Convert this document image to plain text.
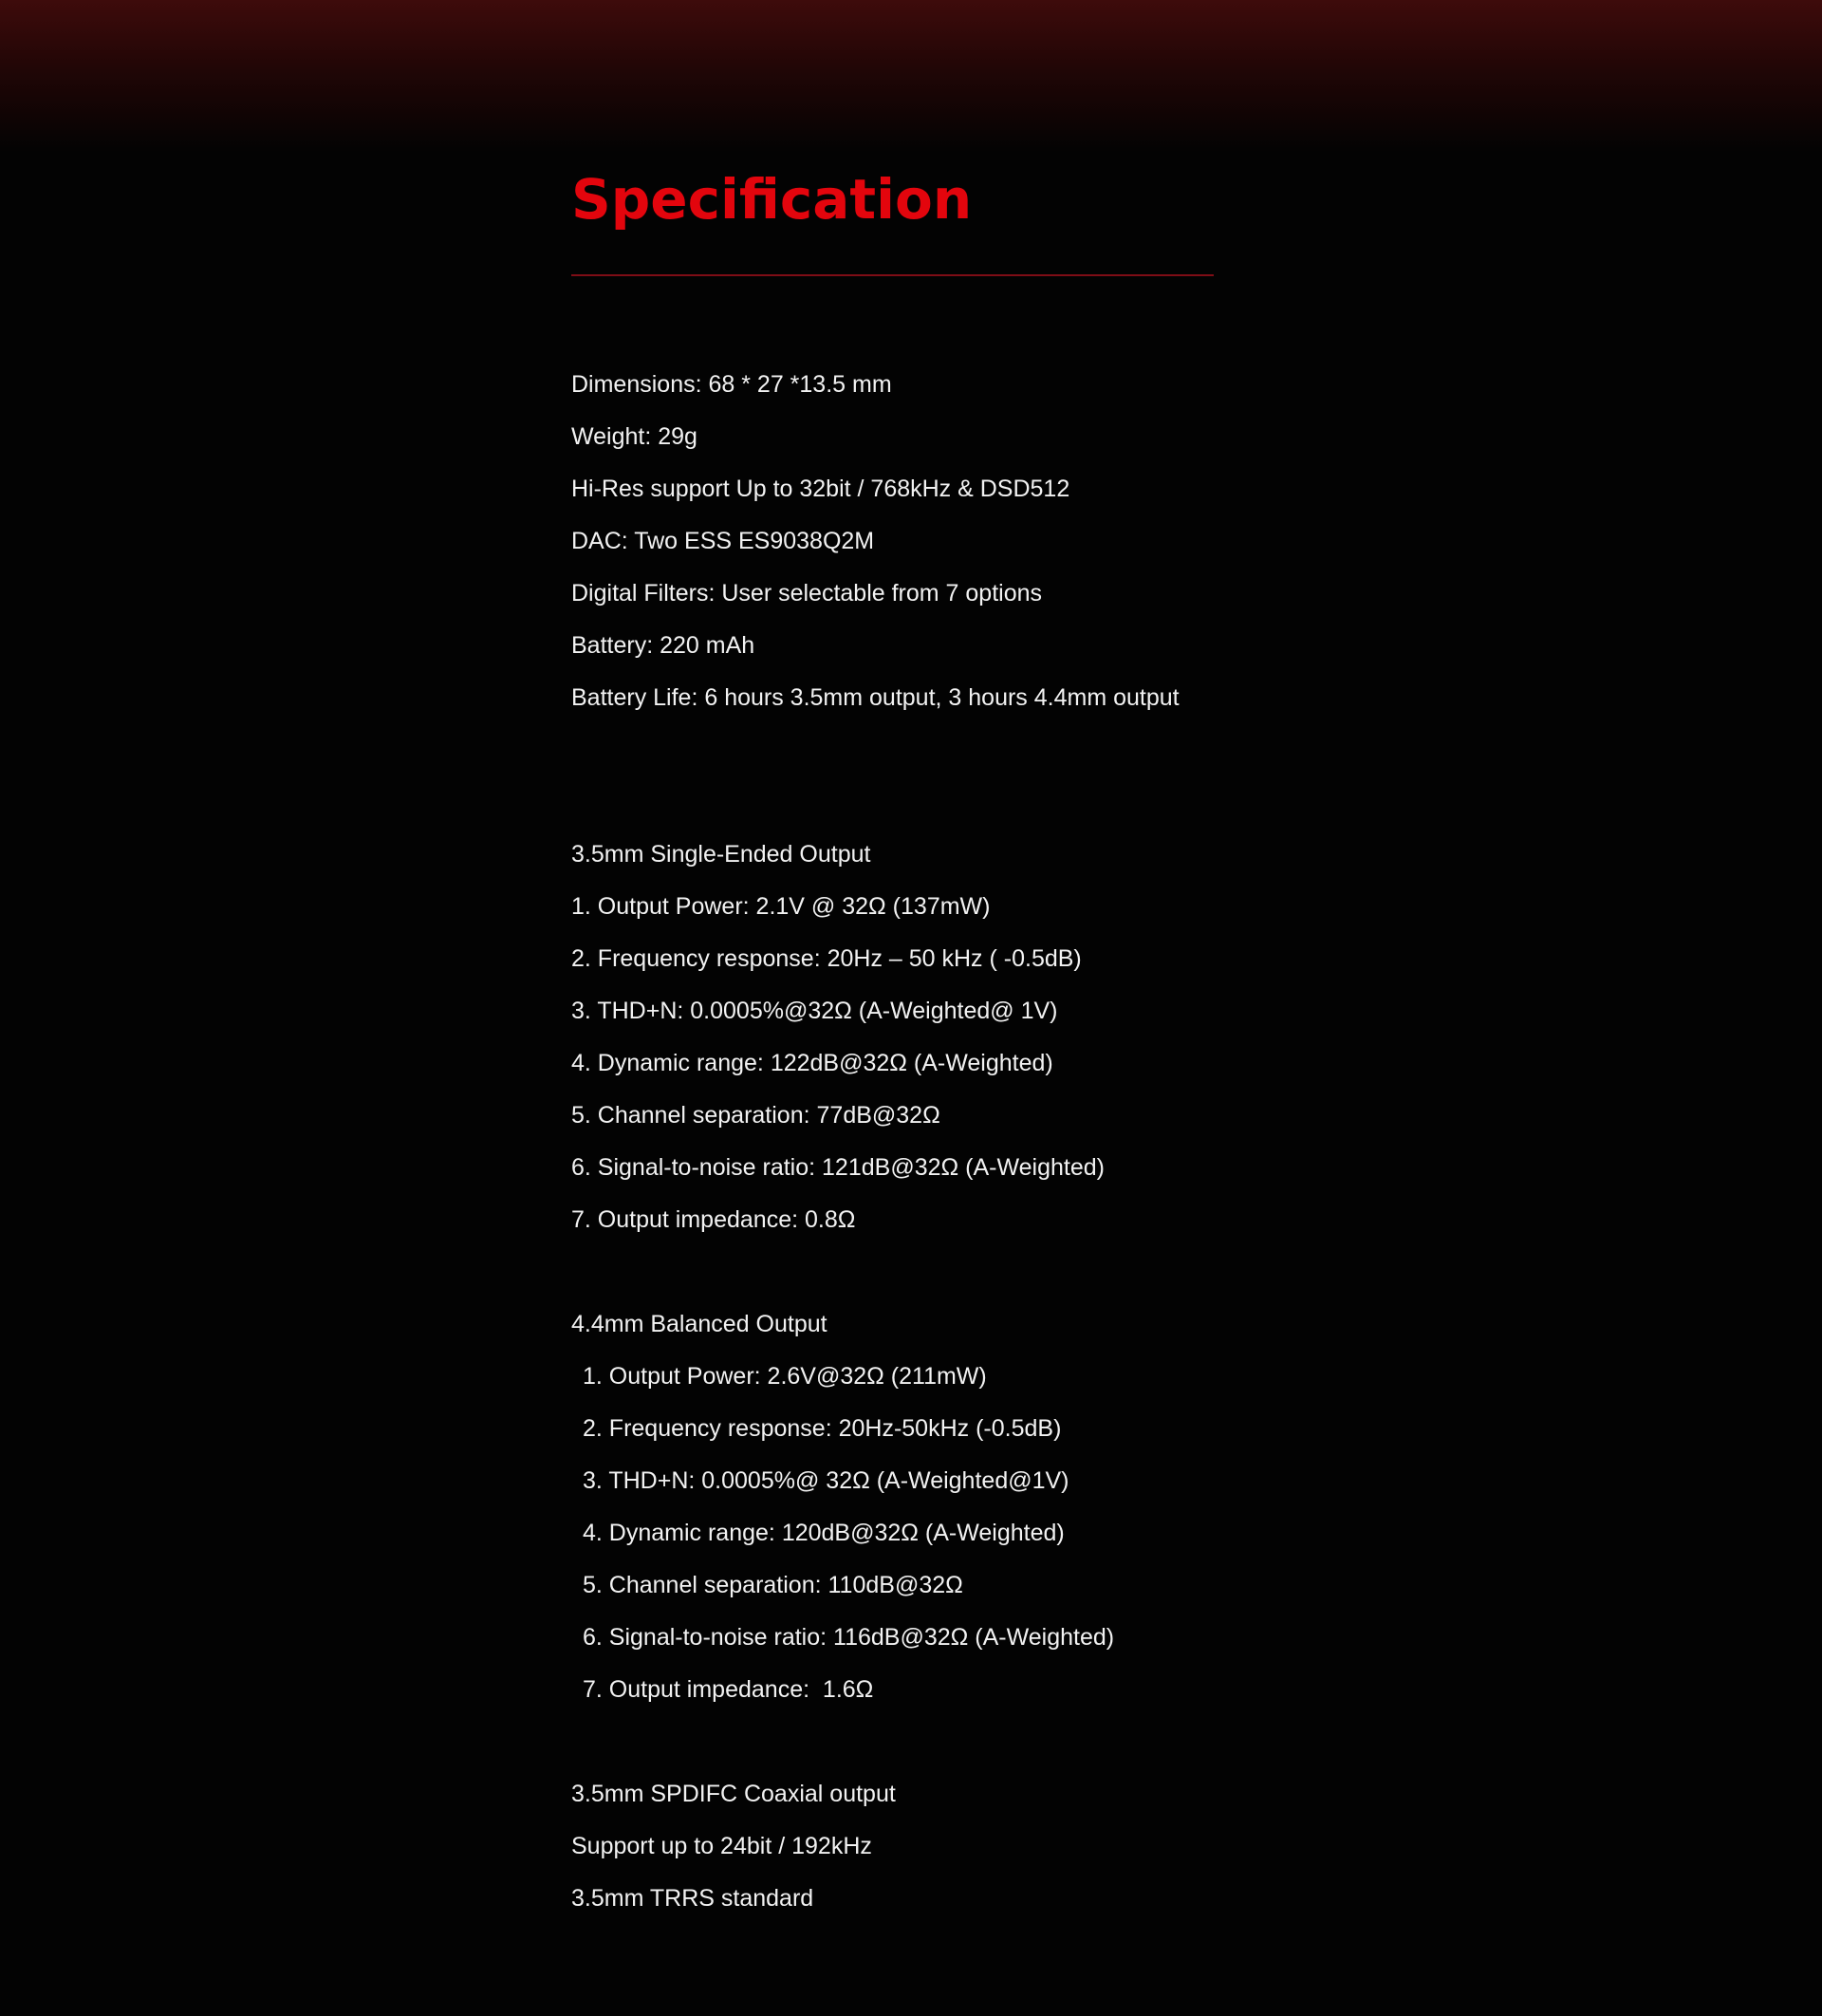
Specification
Dimensions: 68 * 27 *13.5 mm
Weight: 29g
Hi-Res support Up to 32bit / 768kHz & DSD512
DAC: Two ESS ES9038Q2M
Digital Filters: User selectable from 7 options
Battery: 220 mAh
Battery Life: 6 hours 3.5mm output, 3 hours 4.4mm output
3.5mm Single-Ended Output
1. Output Power: 2.1V @ 32Ω (137mW)
2. Frequency response: 20Hz – 50 kHz ( -0.5dB)
3. THD+N: 0.0005%@32Ω (A-Weighted@ 1V)
4. Dynamic range: 122dB@32Ω (A-Weighted)
5. Channel separation: 77dB@32Ω
6. Signal-to-noise ratio: 121dB@32Ω (A-Weighted)
7. Output impedance: 0.8Ω
4.4mm Balanced Output
1. Output Power: 2.6V@32Ω (211mW)
2. Frequency response: 20Hz-50kHz (-0.5dB)
3. THD+N: 0.0005%@ 32Ω (A-Weighted@1V)
4. Dynamic range: 120dB@32Ω (A-Weighted)
5. Channel separation: 110dB@32Ω
6. Signal-to-noise ratio: 116dB@32Ω (A-Weighted)
7. Output impedance:  1.6Ω
3.5mm SPDIFC Coaxial output
Support up to 24bit / 192kHz
3.5mm TRRS standard
